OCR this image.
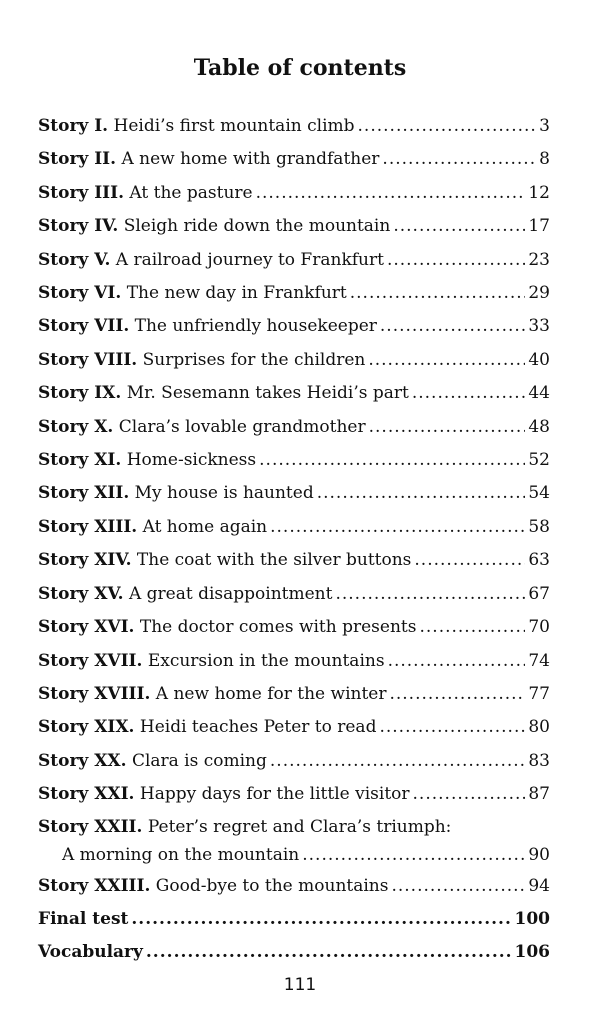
Table of contents
Story I. Heidi’s first mountain climb .....	3
Story II. A new home with grandfather .....	8
Story III. At the pasture .....	12
Story IV. Sleigh ride down the mountain .....	17
Story V. A railroad journey to Frankfurt .....	23
Story VI. The new day in Frankfurt .....	29
Story VII. The unfriendly housekeeper .....	33
Story VIII. Surprises for the children .....	40
Story IX. Mr. Sesemann takes Heidi’s part .....	44
Story X. Clara’s lovable grandmother .....	48
Story XI. Home-sickness .....	52
Story XII. My house is haunted .....	54
Story XIII. At home again .....	58
Story XIV. The coat with the silver buttons .....	63
Story XV. A great disappointment .....	67
Story XVI. The doctor comes with presents .....	70
Story XVII. Excursion in the mountains .....	74
Story XVIII. A new home for the winter .....	77
Story XIX. Heidi teaches Peter to read .....	80
Story XX. Clara is coming .....	83
Story XXI. Happy days for the little visitor .....	87
Story XXII. Peter’s regret and Clara’s triumph:
A morning on the mountain .....	90
Story XXIII. Good-bye to the mountains .....	94
Final test .....	100
Vocabulary .....	106
111
